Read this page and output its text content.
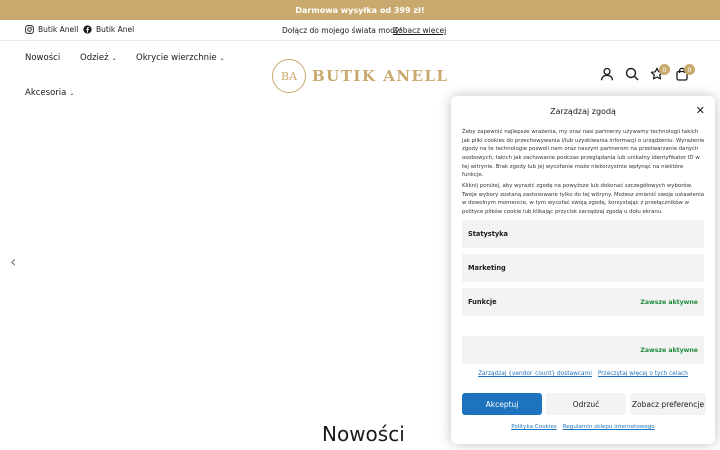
Darmowa wysyłka od 399 zł!
Butik Anell Butik Anel	Dołącz do mojego świata mody!
Zobacz więcej
Nowości Odzież ⌄ Okrycie wierzchnie ⌄
Akcesoria ⌄
BA BUTIK ANELL	0	0
‹
Nowości
Zarządzaj zgodą	✕
Żeby zapewnić najlepsze wrażenia, my oraz nasi partnerzy używamy technologii takich jak pliki cookies do przechowywania i/lub uzyskiwania informacji o urządzeniu. Wyrażenie zgody na te technologie pozwoli nam oraz naszym partnerom na przetwarzanie danych osobowych, takich jak zachowanie podczas przeglądania lub unikalny identyfikator ID w tej witrynie. Brak zgody lub jej wycofanie może niekorzystnie wpłynąć na niektóre funkcje.
Kliknij poniżej, aby wyrazić zgodę na powyższe lub dokonać szczegółowych wyborów. Twoje wybory zostaną zastosowane tylko do tej witryny. Możesz zmienić swoje ustawienia w dowolnym momencie, w tym wycofać swoją zgodę, korzystając z przełączników w polityce plików cookie lub klikając przycisk zarządzaj zgodą u dołu ekranu.
Statystyka
Marketing
Funkcje	Zawsze aktywne
Zawsze aktywne
Zarządzaj {vendor_count} dostawcami Przeczytaj więcej o tych celach
Akceptuj	Odrzuć	Zobacz preferencje
Polityka Cookies Regulamin sklepu internetowego
